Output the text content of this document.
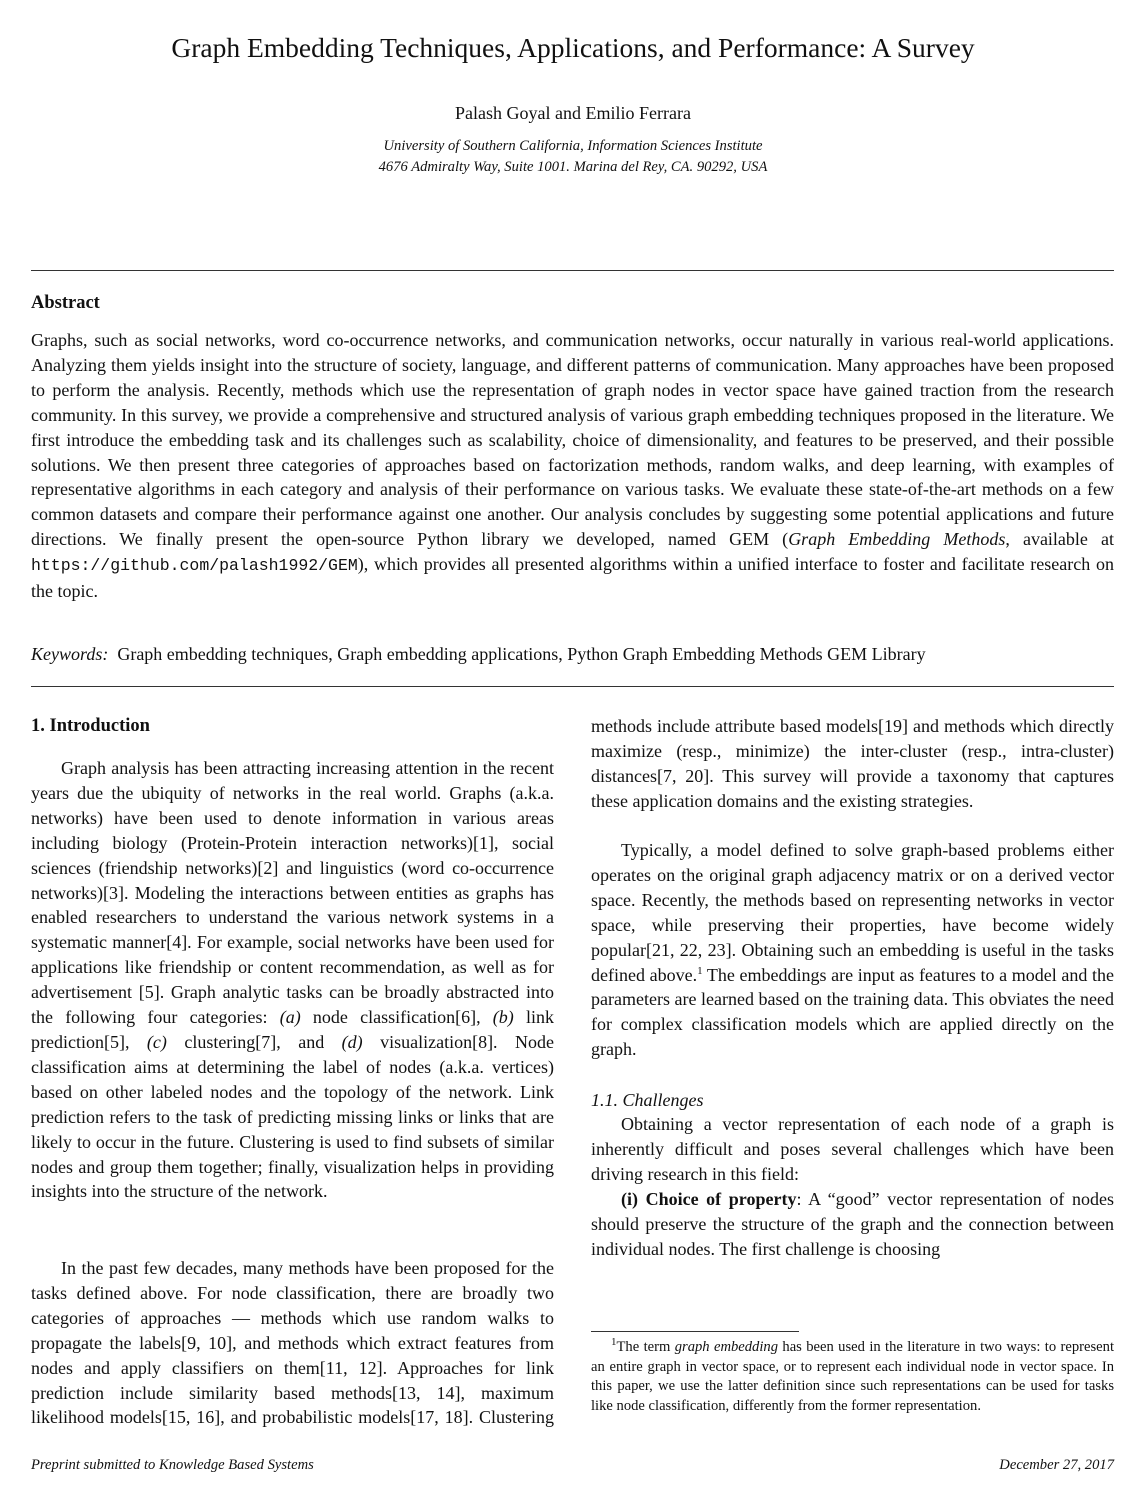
Graph Embedding Techniques, Applications, and Performance: A Survey
Palash Goyal and Emilio Ferrara
University of Southern California, Information Sciences Institute
4676 Admiralty Way, Suite 1001. Marina del Rey, CA. 90292, USA
Abstract
Graphs, such as social networks, word co-occurrence networks, and communication networks, occur naturally in various real-world applications. Analyzing them yields insight into the structure of society, language, and different patterns of communication. Many approaches have been proposed to perform the analysis. Recently, methods which use the representation of graph nodes in vector space have gained traction from the research community. In this survey, we provide a comprehensive and structured analysis of various graph embedding techniques proposed in the literature. We first introduce the embedding task and its challenges such as scalability, choice of dimensionality, and features to be preserved, and their possible solutions. We then present three categories of approaches based on factorization methods, random walks, and deep learning, with examples of representative algorithms in each category and analysis of their performance on various tasks. We evaluate these state-of-the-art methods on a few common datasets and compare their performance against one another. Our analysis concludes by suggesting some potential applications and future directions. We finally present the open-source Python library we developed, named GEM (Graph Embedding Methods, available at https://github.com/palash1992/GEM), which provides all presented algorithms within a unified interface to foster and facilitate research on the topic.
Keywords: Graph embedding techniques, Graph embedding applications, Python Graph Embedding Methods GEM Library
1. Introduction

Graph analysis has been attracting increasing attention in the recent years due the ubiquity of networks in the real world. Graphs (a.k.a. networks) have been used to denote information in various areas including biology (Protein-Protein interaction networks)[1], social sciences (friendship networks)[2] and linguistics (word co-occurrence networks)[3]. Modeling the interactions between entities as graphs has enabled researchers to understand the various network systems in a systematic manner[4]. For example, social networks have been used for applications like friendship or content recommendation, as well as for advertisement [5]. Graph analytic tasks can be broadly abstracted into the following four categories: (a) node classification[6], (b) link prediction[5], (c) clustering[7], and (d) visualization[8]. Node classification aims at determining the label of nodes (a.k.a. vertices) based on other labeled nodes and the topology of the network. Link prediction refers to the task of predicting missing links or links that are likely to occur in the future. Clustering is used to find subsets of similar nodes and group them together; finally, visualization helps in providing insights into the structure of the network.

In the past few decades, many methods have been proposed for the tasks defined above. For node classification, there are broadly two categories of approaches — methods which use random walks to propagate the labels[9, 10], and methods which extract features from nodes and apply classifiers on them[11, 12]. Approaches for link prediction include similarity based methods[13, 14], maximum likelihood models[15, 16], and probabilistic models[17, 18]. Clustering

methods include attribute based models[19] and methods which directly maximize (resp., minimize) the inter-cluster (resp., intra-cluster) distances[7, 20]. This survey will provide a taxonomy that captures these application domains and the existing strategies.

Typically, a model defined to solve graph-based problems either operates on the original graph adjacency matrix or on a derived vector space. Recently, the methods based on representing networks in vector space, while preserving their properties, have become widely popular[21, 22, 23]. Obtaining such an embedding is useful in the tasks defined above.$^1$ The embeddings are input as features to a model and the parameters are learned based on the training data. This obviates the need for complex classification models which are applied directly on the graph.

1.1. Challenges

Obtaining a vector representation of each node of a graph is inherently difficult and poses several challenges which have been driving research in this field:

(i) Choice of property: A “good” vector representation of nodes should preserve the structure of the graph and the connection between individual nodes. The first challenge is choosing

$^1$The term graph embedding has been used in the literature in two ways: to represent an entire graph in vector space, or to represent each individual node in vector space. In this paper, we use the latter definition since such representations can be used for tasks like node classification, differently from the former representation.
Preprint submitted to Knowledge Based Systems	December 27, 2017
